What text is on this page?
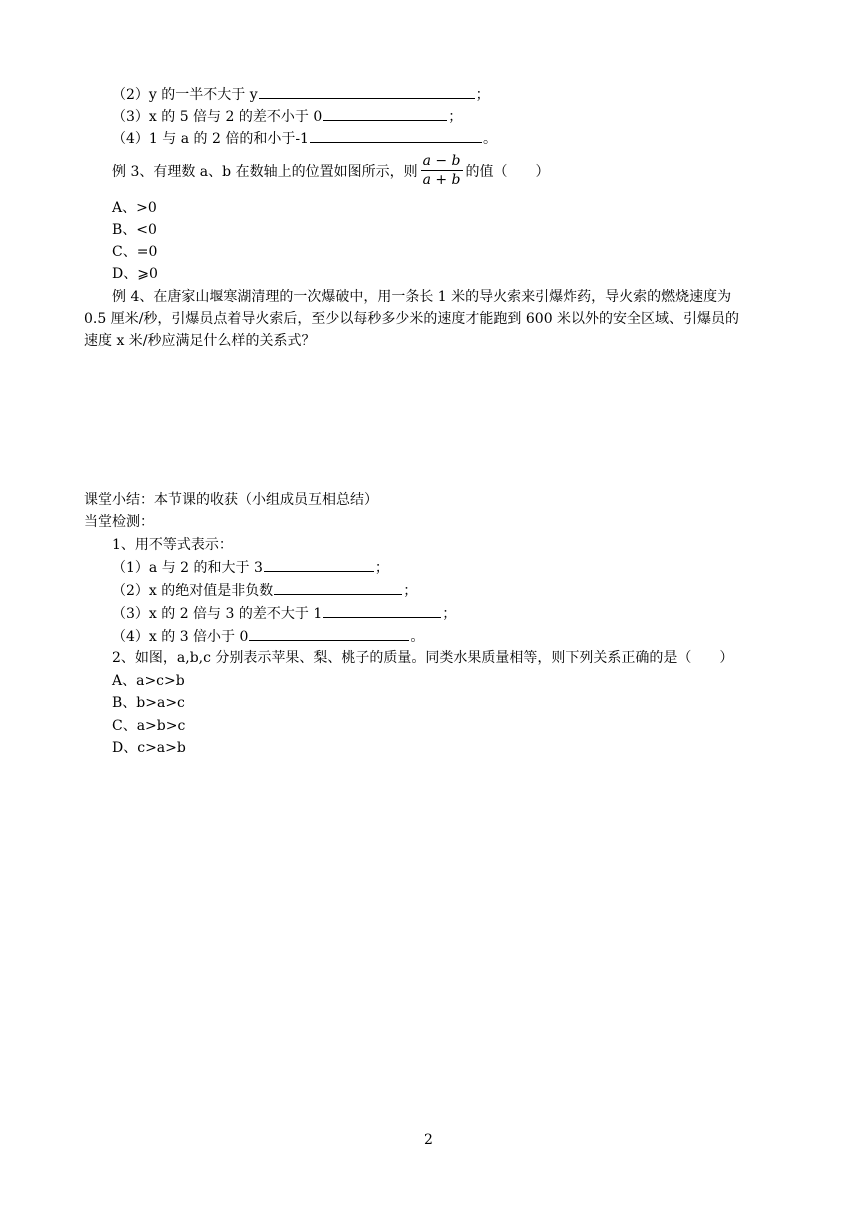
（2）y 的一半不大于 y	；
（3）x 的 5 倍与 2 的差不小于 0	；
（4）1 与 a 的 2 倍的和小于-1	。
例 3、有理数 a、b 在数轴上的位置如图所示，则 $\frac{a - b}{a + b}$ 的值（　　）
A、>0
B、<0
C、=0
D、⩾0
例 4、在唐家山堰寒湖清理的一次爆破中，用一条长 1 米的导火索来引爆炸药，导火索的燃烧速度为
0.5 厘米/秒，引爆员点着导火索后，至少以每秒多少米的速度才能跑到 600 米以外的安全区域、引爆员的
速度 x 米/秒应满足什么样的关系式？
课堂小结：本节课的收获（小组成员互相总结）
当堂检测：
1、用不等式表示：
（1）a 与 2 的和大于 3	；
（2）x 的绝对值是非负数	；
（3）x 的 2 倍与 3 的差不大于 1	；
（4）x 的 3 倍小于 0	。
2、如图，a,b,c 分别表示苹果、梨、桃子的质量。同类水果质量相等，则下列关系正确的是（　　）
A、a>c>b
B、b>a>c
C、a>b>c
D、c>a>b
2
